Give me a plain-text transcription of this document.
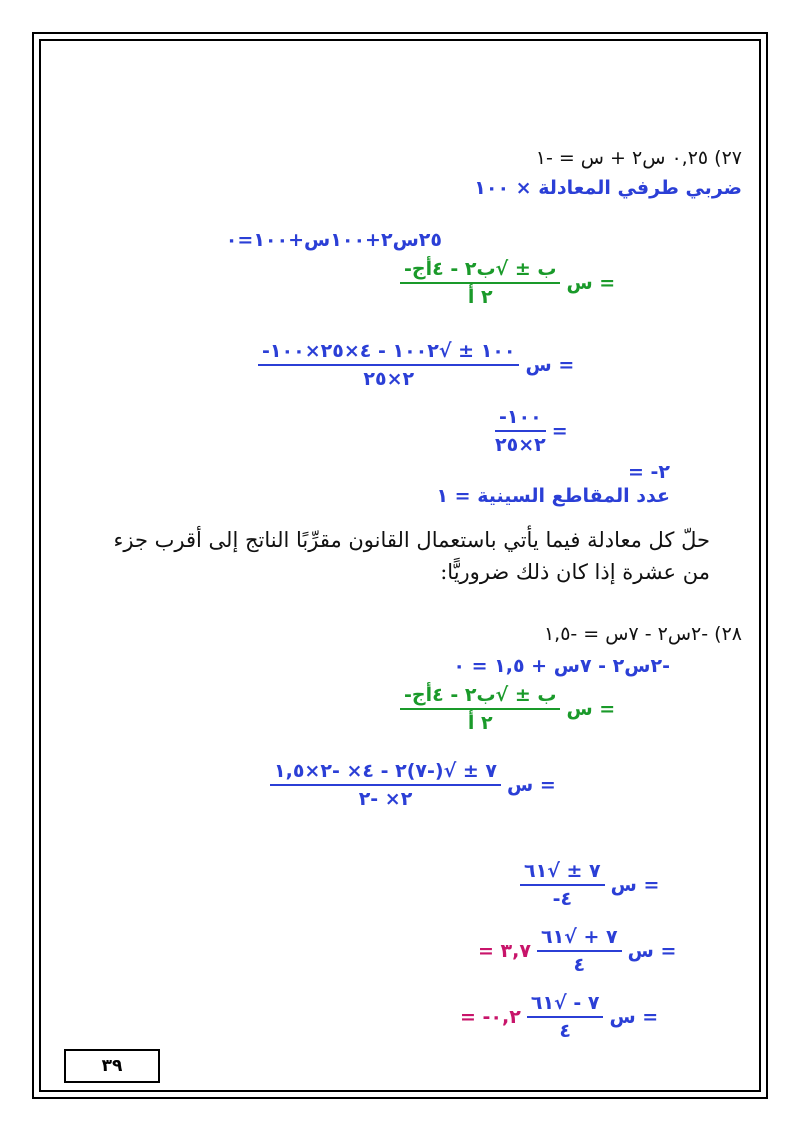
٢٧) ٠,٢٥ س٢ + س = -١
ضربي طرفي المعادلة × ١٠٠
٢٥س٢+١٠٠س+١٠٠=٠
س =
$\frac{\text{-ب ± √ب٢ - ٤أج}}{\text{٢ أ}}$
س =
$\frac{-١٠٠ \pm √١٠٠٢ - ٤\times ٢٥\times ١٠٠}{٢\times ٢٥}$
=
$\frac{-١٠٠}{٢\times ٢٥}$
= -٢
عدد المقاطع السينية = ١
حلّ كل معادلة فيما يأتي باستعمال القانون مقرِّبًا الناتج إلى أقرب جزء من عشرة إذا كان ذلك ضروريًّا:
٢٨) -٢س٢ - ٧س = -١,٥
-٢س٢ - ٧س + ١,٥ = ٠
س =
$\frac{\text{-ب ± √ب٢ - ٤أج}}{\text{٢ أ}}$
س =
$\frac{٧ \pm √(-٧)٢ - ٤\times -٢\times ١,٥}{٢\times -٢}$
س =
$\frac{٧ \pm √٦١}{-٤}$
س =
$\frac{٧ + √٦١}{٤}$
= ٣,٧
س =
$\frac{٧ - √٦١}{٤}$
= -٠,٢
٣٩
